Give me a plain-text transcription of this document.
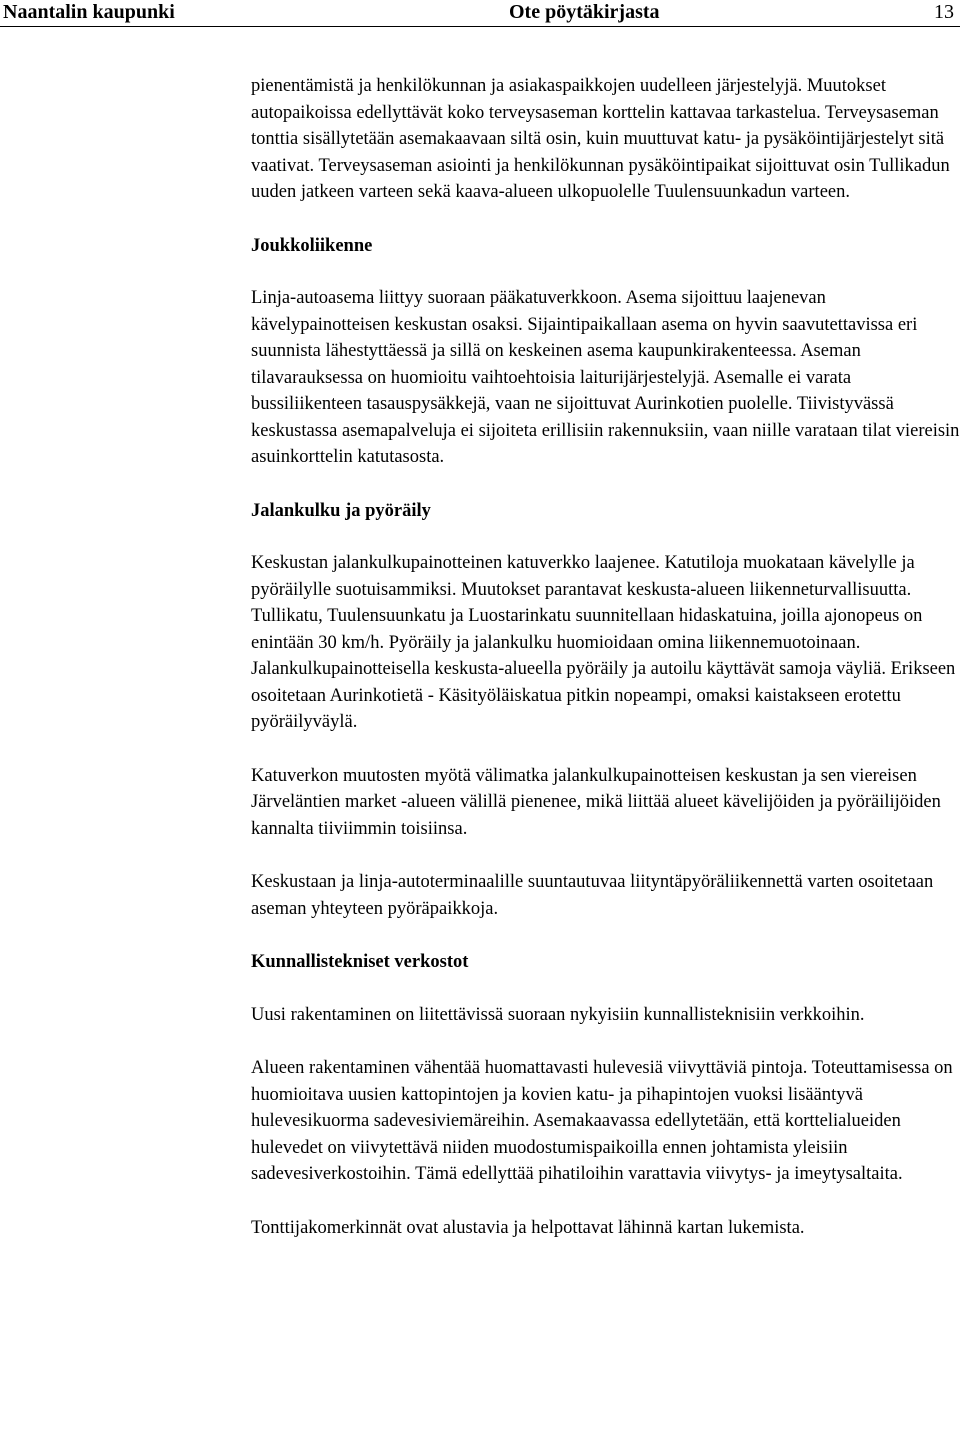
Naantalin kaupunki	Ote pöytäkirjasta	13

pienentämistä ja henkilökunnan ja asiakaspaikkojen uudelleen järjestelyjä. Muutokset autopaikoissa edellyttävät koko terveysaseman korttelin kattavaa tarkastelua. Terveysaseman tonttia sisällytetään asemakaavaan siltä osin, kuin muuttuvat katu- ja pysäköintijärjestelyt sitä vaativat. Terveysaseman asiointi ja henkilökunnan pysäköintipaikat sijoittuvat osin Tullikadun uuden jatkeen varteen sekä kaava-alueen ulkopuolelle Tuulensuunkadun varteen.

Joukkoliikenne

Linja-autoasema liittyy suoraan pääkatuverkkoon. Asema sijoittuu laajenevan kävelypainotteisen keskustan osaksi. Sijaintipaikallaan asema on hyvin saavutettavissa eri suunnista lähestyttäessä ja sillä on keskeinen asema kaupunkirakenteessa. Aseman tilavarauksessa on huomioitu vaihtoehtoisia laiturijärjestelyjä. Asemalle ei varata bussiliikenteen tasauspysäkkejä, vaan ne sijoittuvat Aurinkotien puolelle. Tiivistyvässä keskustassa asemapalveluja ei sijoiteta erillisiin rakennuksiin, vaan niille varataan tilat viereisin asuinkorttelin katutasosta.

Jalankulku ja pyöräily

Keskustan jalankulkupainotteinen katuverkko laajenee. Katutiloja muokataan kävelylle ja pyöräilylle suotuisammiksi. Muutokset parantavat keskusta-alueen liikenneturvallisuutta. Tullikatu, Tuulensuunkatu ja Luostarinkatu suunnitellaan hidaskatuina, joilla ajonopeus on enintään 30 km/h. Pyöräily ja jalankulku huomioidaan omina liikennemuotoinaan. Jalankulkupainotteisella keskusta-alueella pyöräily ja autoilu käyttävät samoja väyliä. Erikseen osoitetaan Aurinkotietä - Käsityöläiskatua pitkin nopeampi, omaksi kaistakseen erotettu pyöräilyväylä.

Katuverkon muutosten myötä välimatka jalankulkupainotteisen keskustan ja sen viereisen Järveläntien market -alueen välillä pienenee, mikä liittää alueet kävelijöiden ja pyöräilijöiden kannalta tiiviimmin toisiinsa.

Keskustaan ja linja-autoterminaalille suuntautuvaa liityntäpyöräliikennettä varten osoitetaan aseman yhteyteen pyöräpaikkoja.

Kunnallistekniset verkostot

Uusi rakentaminen on liitettävissä suoraan nykyisiin kunnallisteknisiin verkkoihin.

Alueen rakentaminen vähentää huomattavasti hulevesiä viivyttäviä pintoja. Toteuttamisessa on huomioitava uusien kattopintojen ja kovien katu- ja pihapintojen vuoksi lisääntyvä hulevesikuorma sadevesiviemäreihin. Asemakaavassa edellytetään, että korttelialueiden hulevedet on viivytettävä niiden muodostumispaikoilla ennen johtamista yleisiin sadevesiverkostoihin. Tämä edellyttää pihatiloihin varattavia viivytys- ja imeytysaltaita.

Tonttijakomerkinnät ovat alustavia ja helpottavat lähinnä kartan lukemista.
